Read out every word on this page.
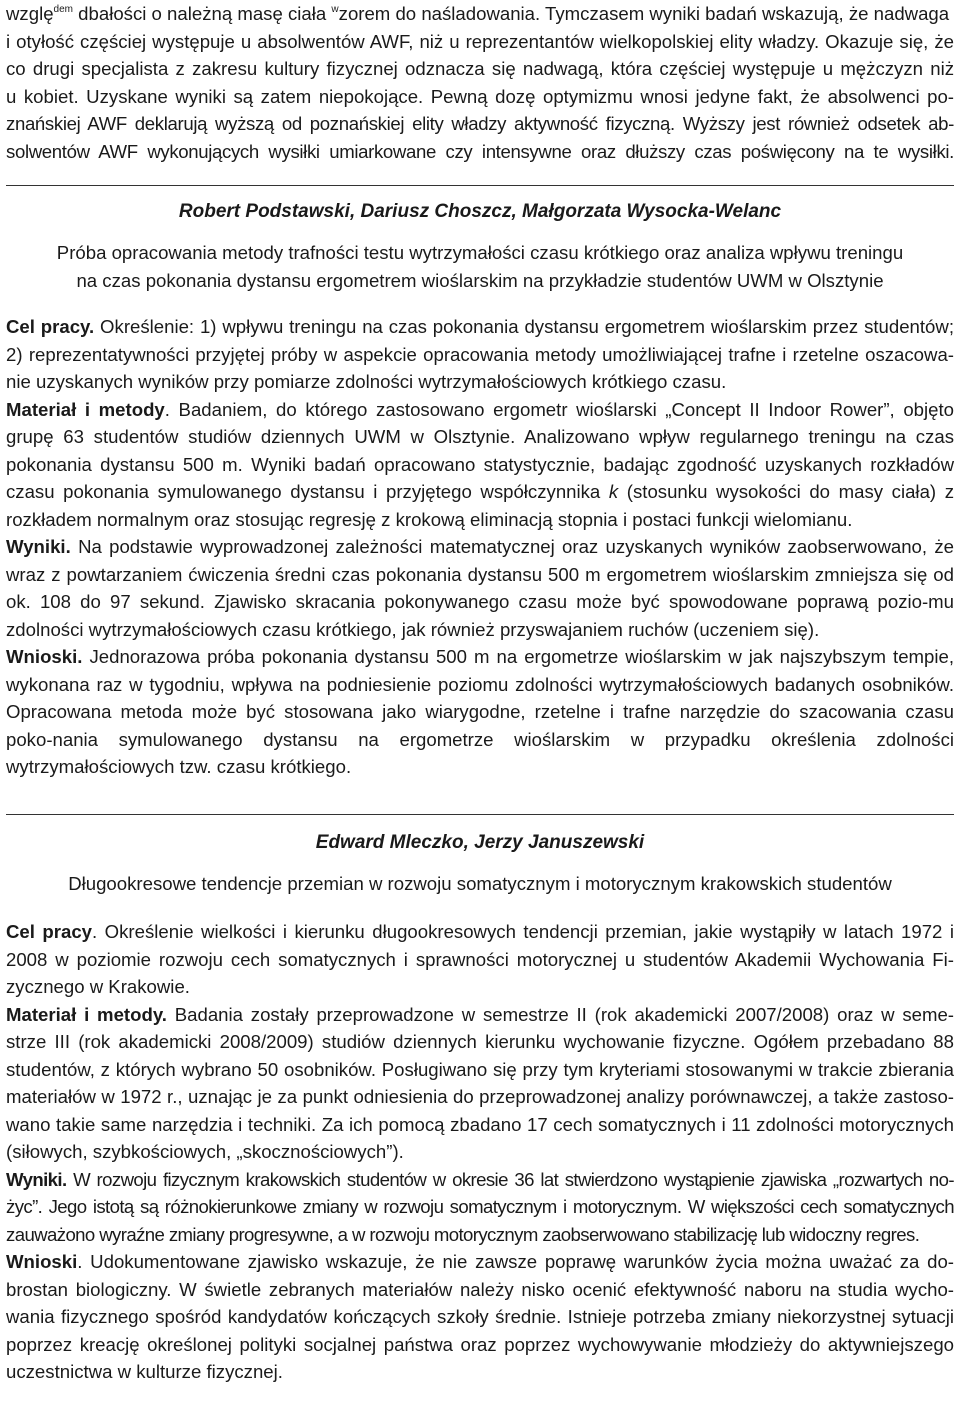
wzglę$^{dem}$ dbałości o należną masę ciała $^w$zorem do naśladowania. Tymczasem wyniki badań wskazują, że nadwaga

i otyłość częściej występuje u absolwentów AWF, niż u reprezentantów wielkopolskiej elity władzy. Okazuje się, że

co drugi specjalista z zakresu kultury fizycznej odznacza się nadwagą, która częściej występuje u mężczyzn niż

u kobiet. Uzyskane wyniki są zatem niepokojące. Pewną dozę optymizmu wnosi jedyne fakt, że absolwenci po-

znańskiej AWF deklarują wyższą od poznańskiej elity władzy aktywność fizyczną. Wyższy jest również odsetek ab-

solwentów AWF wykonujących wysiłki umiarkowane czy intensywne oraz dłuższy czas poświęcony na te wysiłki.

Robert Podstawski, Dariusz Choszcz, Małgorzata Wysocka-Welanc

Próba opracowania metody trafności testu wytrzymałości czasu krótkiego oraz analiza wpływu treningu
na czas pokonania dystansu ergometrem wioślarskim na przykładzie studentów UWM w Olsztynie

Cel pracy. Określenie: 1) wpływu treningu na czas pokonania dystansu ergometrem wioślarskim przez studentów; 2) reprezentatywności przyjętej próby w aspekcie opracowania metody umożliwiającej trafne i rzetelne oszacowa-nie uzyskanych wyników przy pomiarze zdolności wytrzymałościowych krótkiego czasu.

Materiał i metody. Badaniem, do którego zastosowano ergometr wioślarski „Concept II Indoor Rower”, objęto grupę 63 studentów studiów dziennych UWM w Olsztynie. Analizowano wpływ regularnego treningu na czas pokonania dystansu 500 m. Wyniki badań opracowano statystycznie, badając zgodność uzyskanych rozkładów czasu pokonania symulowanego dystansu i przyjętego współczynnika k (stosunku wysokości do masy ciała) z rozkładem normalnym oraz stosując regresję z krokową eliminacją stopnia i postaci funkcji wielomianu.

Wyniki. Na podstawie wyprowadzonej zależności matematycznej oraz uzyskanych wyników zaobserwowano, że wraz z powtarzaniem ćwiczenia średni czas pokonania dystansu 500 m ergometrem wioślarskim zmniejsza się od ok. 108 do 97 sekund. Zjawisko skracania pokonywanego czasu może być spowodowane poprawą pozio-mu zdolności wytrzymałościowych czasu krótkiego, jak również przyswajaniem ruchów (uczeniem się).

Wnioski. Jednorazowa próba pokonania dystansu 500 m na ergometrze wioślarskim w jak najszybszym tempie, wykonana raz w tygodniu, wpływa na podniesienie poziomu zdolności wytrzymałościowych badanych osobników. Opracowana metoda może być stosowana jako wiarygodne, rzetelne i trafne narzędzie do szacowania czasu poko-nania symulowanego dystansu na ergometrze wioślarskim w przypadku określenia zdolności wytrzymałościowych tzw. czasu krótkiego.

Edward Mleczko, Jerzy Januszewski

Długookresowe tendencje przemian w rozwoju somatycznym i motorycznym krakowskich studentów

Cel pracy. Określenie wielkości i kierunku długookresowych tendencji przemian, jakie wystąpiły w latach 1972 i 2008 w poziomie rozwoju cech somatycznych i sprawności motorycznej u studentów Akademii Wychowania Fi-zycznego w Krakowie.

Materiał i metody. Badania zostały przeprowadzone w semestrze II (rok akademicki 2007/2008) oraz w seme-strze III (rok akademicki 2008/2009) studiów dziennych kierunku wychowanie fizyczne. Ogółem przebadano 88 studentów, z których wybrano 50 osobników. Posługiwano się przy tym kryteriami stosowanymi w trakcie zbierania materiałów w 1972 r., uznając je za punkt odniesienia do przeprowadzonej analizy porównawczej, a także zastoso-wano takie same narzędzia i techniki. Za ich pomocą zbadano 17 cech somatycznych i 11 zdolności motorycznych (siłowych, szybkościowych, „skocznościowych”).

Wyniki. W rozwoju fizycznym krakowskich studentów w okresie 36 lat stwierdzono wystąpienie zjawiska „rozwartych no-życ”. Jego istotą są różnokierunkowe zmiany w rozwoju somatycznym i motorycznym. W większości cech somatycznych zauważono wyraźne zmiany progresywne, a w rozwoju motorycznym zaobserwowano stabilizację lub widoczny regres.

Wnioski. Udokumentowane zjawisko wskazuje, że nie zawsze poprawę warunków życia można uważać za do-brostan biologiczny. W świetle zebranych materiałów należy nisko ocenić efektywność naboru na studia wycho-wania fizycznego spośród kandydatów kończących szkoły średnie. Istnieje potrzeba zmiany niekorzystnej sytuacji poprzez kreację określonej polityki socjalnej państwa oraz poprzez wychowywanie młodzieży do aktywniejszego uczestnictwa w kulturze fizycznej.
